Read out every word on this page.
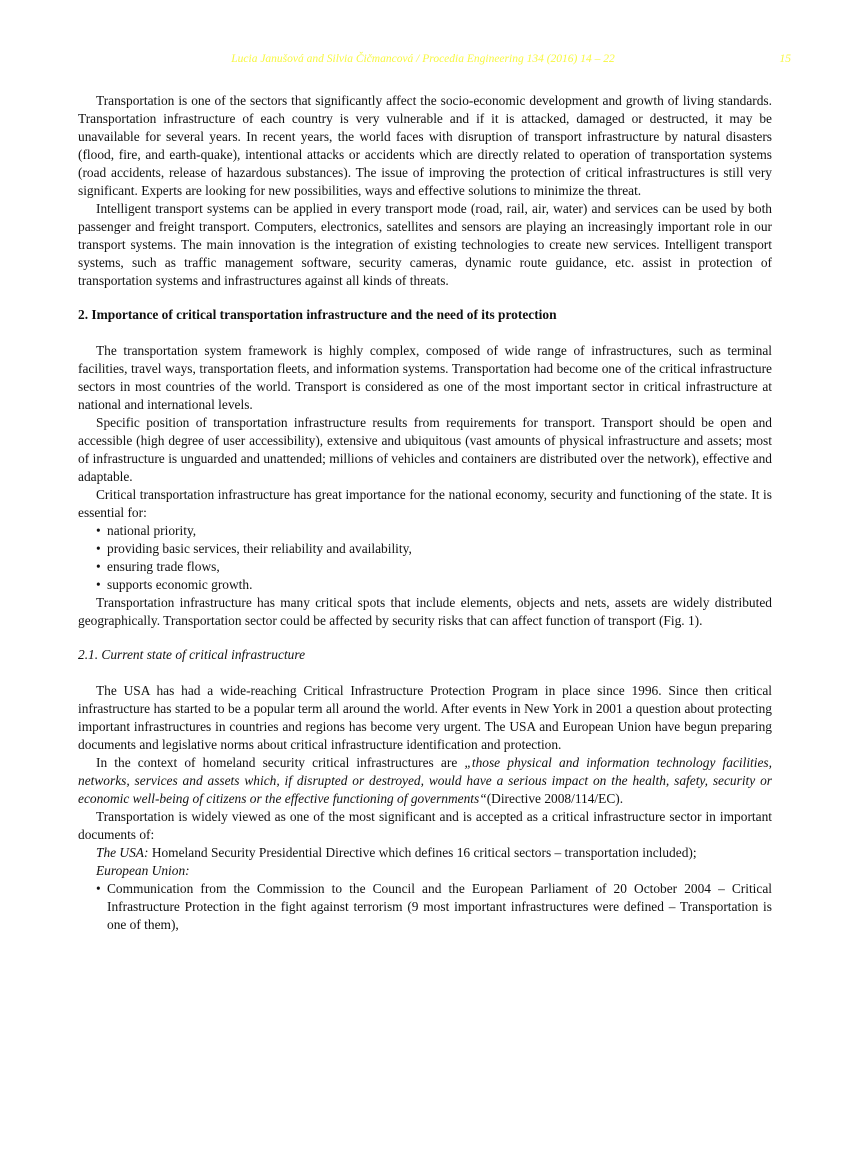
Lucia Janušová and Silvia Čičmancová / Procedia Engineering 134 (2016) 14 – 22	15

Transportation is one of the sectors that significantly affect the socio-economic development and growth of living standards. Transportation infrastructure of each country is very vulnerable and if it is attacked, damaged or destructed, it may be unavailable for several years. In recent years, the world faces with disruption of transport infrastructure by natural disasters (flood, fire, and earth-quake), intentional attacks or accidents which are directly related to operation of transportation systems (road accidents, release of hazardous substances). The issue of improving the protection of critical infrastructures is still very significant. Experts are looking for new possibilities, ways and effective solutions to minimize the threat.

Intelligent transport systems can be applied in every transport mode (road, rail, air, water) and services can be used by both passenger and freight transport. Computers, electronics, satellites and sensors are playing an increasingly important role in our transport systems. The main innovation is the integration of existing technologies to create new services. Intelligent transport systems, such as traffic management software, security cameras, dynamic route guidance, etc. assist in protection of transportation systems and infrastructures against all kinds of threats.

2. Importance of critical transportation infrastructure and the need of its protection

The transportation system framework is highly complex, composed of wide range of infrastructures, such as terminal facilities, travel ways, transportation fleets, and information systems. Transportation had become one of the critical infrastructure sectors in most countries of the world. Transport is considered as one of the most important sector in critical infrastructure at national and international levels.

Specific position of transportation infrastructure results from requirements for transport. Transport should be open and accessible (high degree of user accessibility), extensive and ubiquitous (vast amounts of physical infrastructure and assets; most of infrastructure is unguarded and unattended; millions of vehicles and containers are distributed over the network), effective and adaptable.

Critical transportation infrastructure has great importance for the national economy, security and functioning of the state. It is essential for:

• national priority,
• providing basic services, their reliability and availability,
• ensuring trade flows,
• supports economic growth.

Transportation infrastructure has many critical spots that include elements, objects and nets, assets are widely distributed geographically. Transportation sector could be affected by security risks that can affect function of transport (Fig. 1).

2.1. Current state of critical infrastructure

The USA has had a wide-reaching Critical Infrastructure Protection Program in place since 1996. Since then critical infrastructure has started to be a popular term all around the world. After events in New York in 2001 a question about protecting important infrastructures in countries and regions has become very urgent. The USA and European Union have begun preparing documents and legislative norms about critical infrastructure identification and protection.

In the context of homeland security critical infrastructures are „those physical and information technology facilities, networks, services and assets which, if disrupted or destroyed, would have a serious impact on the health, safety, security or economic well-being of citizens or the effective functioning of governments“(Directive 2008/114/EC).

Transportation is widely viewed as one of the most significant and is accepted as a critical infrastructure sector in important documents of:

The USA: Homeland Security Presidential Directive which defines 16 critical sectors – transportation included);

European Union:

• Communication from the Commission to the Council and the European Parliament of 20 October 2004 – Critical Infrastructure Protection in the fight against terrorism (9 most important infrastructures were defined – Transportation is one of them),
